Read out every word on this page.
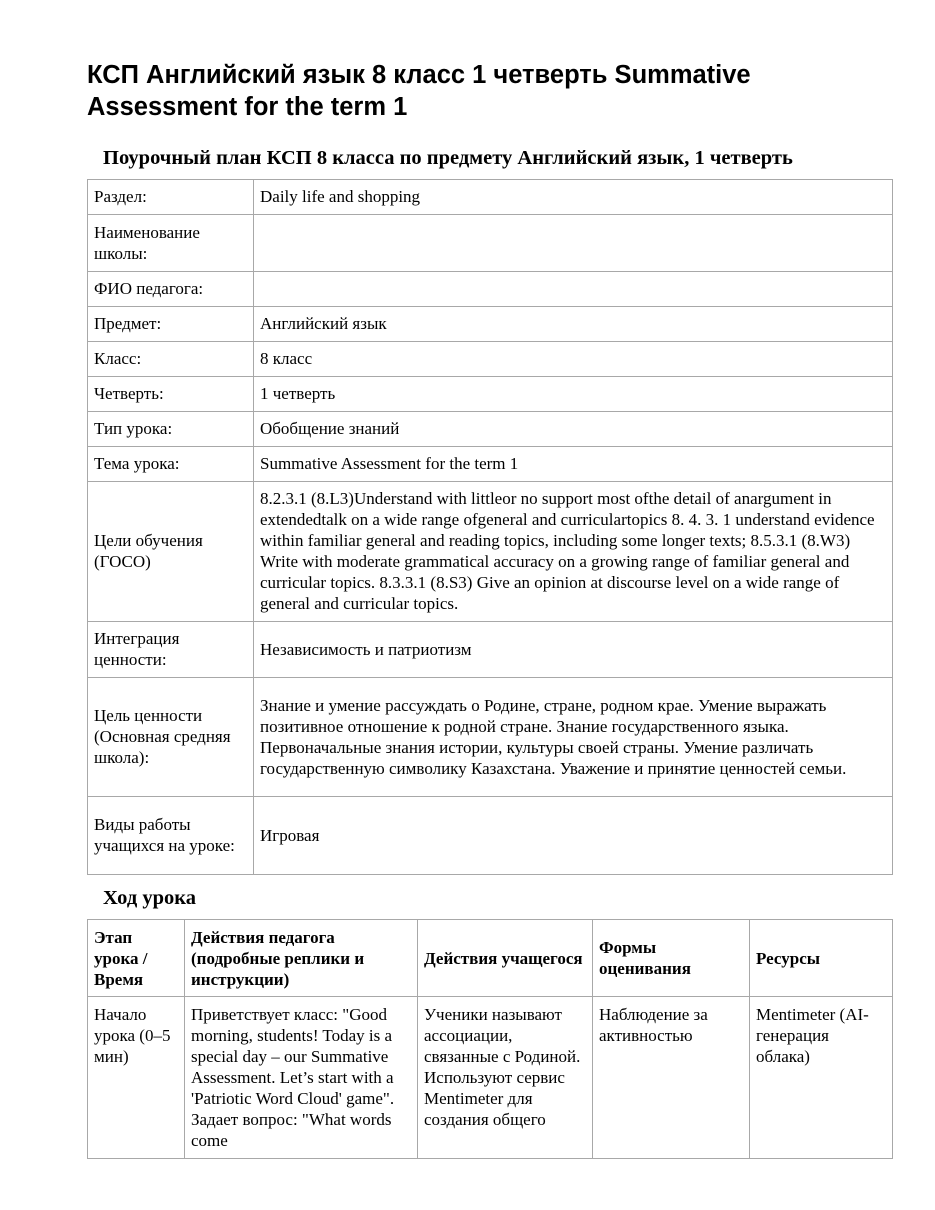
КСП Английский язык 8 класс 1 четверть Summative Assessment for the term 1
Поурочный план КСП 8 класса по предмету Английский язык, 1 четверть
Раздел:	Daily life and shopping
Наименование школы:	
ФИО педагога:	
Предмет:	Английский язык
Класс:	8 класс
Четверть:	1 четверть
Тип урока:	Обобщение знаний
Тема урока:	Summative Assessment for the term 1
Цели обучения (ГОСО)	8.2.3.1 (8.L3)Understand with littleor no support most ofthe detail of anargument in extendedtalk on a wide range ofgeneral and curriculartopics 8. 4. 3. 1 understand evidence within familiar general and reading topics, including some longer texts; 8.5.3.1 (8.W3) Write with moderate grammatical accuracy on a growing range of familiar general and curricular topics. 8.3.3.1 (8.S3) Give an opinion at discourse level on a wide range of general and curricular topics.
Интеграция ценности:	Независимость и патриотизм
Цель ценности (Основная средняя школа):	Знание и умение рассуждать о Родине, стране, родном крае. Умение выражать позитивное отношение к родной стране. Знание государственного языка. Первоначальные знания истории, культуры своей страны. Умение различать государственную символику Казахстана. Уважение и принятие ценностей семьи.
Виды работы учащихся на уроке:	Игровая
Ход урока
Этап урока / Время	Действия педагога (подробные реплики и инструкции)	Действия учащегося	Формы оценивания	Ресурсы
Начало урока (0–5 мин)	Приветствует класс: "Good morning, students! Today is a special day – our Summative Assessment. Let’s start with a 'Patriotic Word Cloud' game". Задает вопрос: "What words come	Ученики называют ассоциации, связанные с Родиной. Используют сервис Mentimeter для создания общего	Наблюдение за активностью	Mentimeter (AI-генерация облака)
